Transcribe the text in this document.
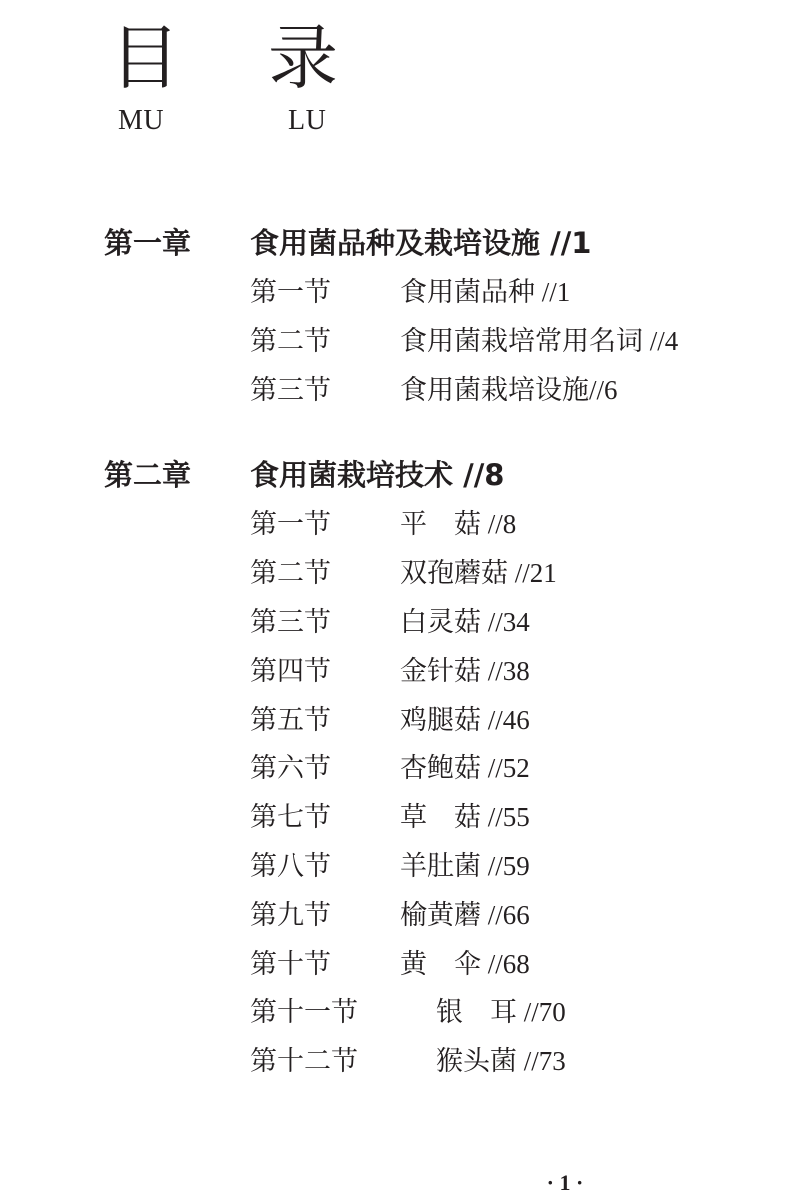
目 录
MU	LU
第一章	食用菌品种及栽培设施 //1
第一节	食用菌品种 //1
第二节	食用菌栽培常用名词 //4
第三节	食用菌栽培设施 //6
第二章	食用菌栽培技术 //8
第一节	平　菇 //8
第二节	双孢蘑菇 //21
第三节	白灵菇 //34
第四节	金针菇 //38
第五节	鸡腿菇 //46
第六节	杏鲍菇 //52
第七节	草　菇 //55
第八节	羊肚菌 //59
第九节	榆黄蘑 //66
第十节	黄　伞 //68
第十一节	银　耳 //70
第十二节	猴头菌 //73
· 1 ·
